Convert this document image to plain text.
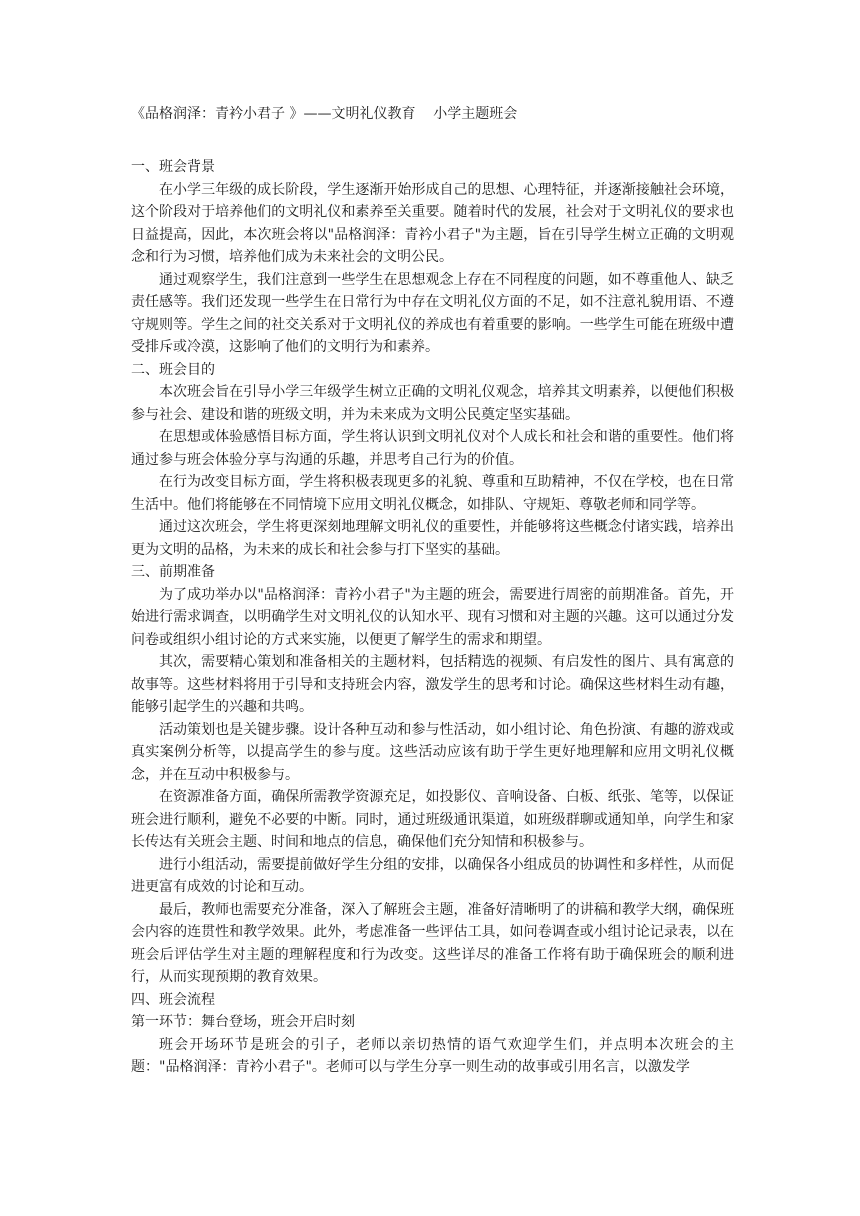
《品格润泽：青衿小君子 》——文明礼仪教育    小学主题班会
一、班会背景

在小学三年级的成长阶段，学生逐渐开始形成自己的思想、心理特征，并逐渐接触社会环境，这个阶段对于培养他们的文明礼仪和素养至关重要。随着时代的发展，社会对于文明礼仪的要求也日益提高，因此，本次班会将以"品格润泽：青衿小君子"为主题，旨在引导学生树立正确的文明观念和行为习惯，培养他们成为未来社会的文明公民。

通过观察学生，我们注意到一些学生在思想观念上存在不同程度的问题，如不尊重他人、缺乏责任感等。我们还发现一些学生在日常行为中存在文明礼仪方面的不足，如不注意礼貌用语、不遵守规则等。学生之间的社交关系对于文明礼仪的养成也有着重要的影响。一些学生可能在班级中遭受排斥或冷漠，这影响了他们的文明行为和素养。

二、班会目的

本次班会旨在引导小学三年级学生树立正确的文明礼仪观念，培养其文明素养，以便他们积极参与社会、建设和谐的班级文明，并为未来成为文明公民奠定坚实基础。

在思想或体验感悟目标方面，学生将认识到文明礼仪对个人成长和社会和谐的重要性。他们将通过参与班会体验分享与沟通的乐趣，并思考自己行为的价值。

在行为改变目标方面，学生将积极表现更多的礼貌、尊重和互助精神，不仅在学校，也在日常生活中。他们将能够在不同情境下应用文明礼仪概念，如排队、守规矩、尊敬老师和同学等。

通过这次班会，学生将更深刻地理解文明礼仪的重要性，并能够将这些概念付诸实践，培养出更为文明的品格，为未来的成长和社会参与打下坚实的基础。

三、前期准备

为了成功举办以"品格润泽：青衿小君子"为主题的班会，需要进行周密的前期准备。首先，开始进行需求调查，以明确学生对文明礼仪的认知水平、现有习惯和对主题的兴趣。这可以通过分发问卷或组织小组讨论的方式来实施，以便更了解学生的需求和期望。

其次，需要精心策划和准备相关的主题材料，包括精选的视频、有启发性的图片、具有寓意的故事等。这些材料将用于引导和支持班会内容，激发学生的思考和讨论。确保这些材料生动有趣，能够引起学生的兴趣和共鸣。

活动策划也是关键步骤。设计各种互动和参与性活动，如小组讨论、角色扮演、有趣的游戏或真实案例分析等，以提高学生的参与度。这些活动应该有助于学生更好地理解和应用文明礼仪概念，并在互动中积极参与。

在资源准备方面，确保所需教学资源充足，如投影仪、音响设备、白板、纸张、笔等，以保证班会进行顺利，避免不必要的中断。同时，通过班级通讯渠道，如班级群聊或通知单，向学生和家长传达有关班会主题、时间和地点的信息，确保他们充分知情和积极参与。

进行小组活动，需要提前做好学生分组的安排，以确保各小组成员的协调性和多样性，从而促进更富有成效的讨论和互动。

最后，教师也需要充分准备，深入了解班会主题，准备好清晰明了的讲稿和教学大纲，确保班会内容的连贯性和教学效果。此外，考虑准备一些评估工具，如问卷调查或小组讨论记录表，以在班会后评估学生对主题的理解程度和行为改变。这些详尽的准备工作将有助于确保班会的顺利进行，从而实现预期的教育效果。

四、班会流程
第一环节：舞台登场，班会开启时刻

班会开场环节是班会的引子，老师以亲切热情的语气欢迎学生们，并点明本次班会的主题："品格润泽：青衿小君子"。老师可以与学生分享一则生动的故事或引用名言，以激发学
